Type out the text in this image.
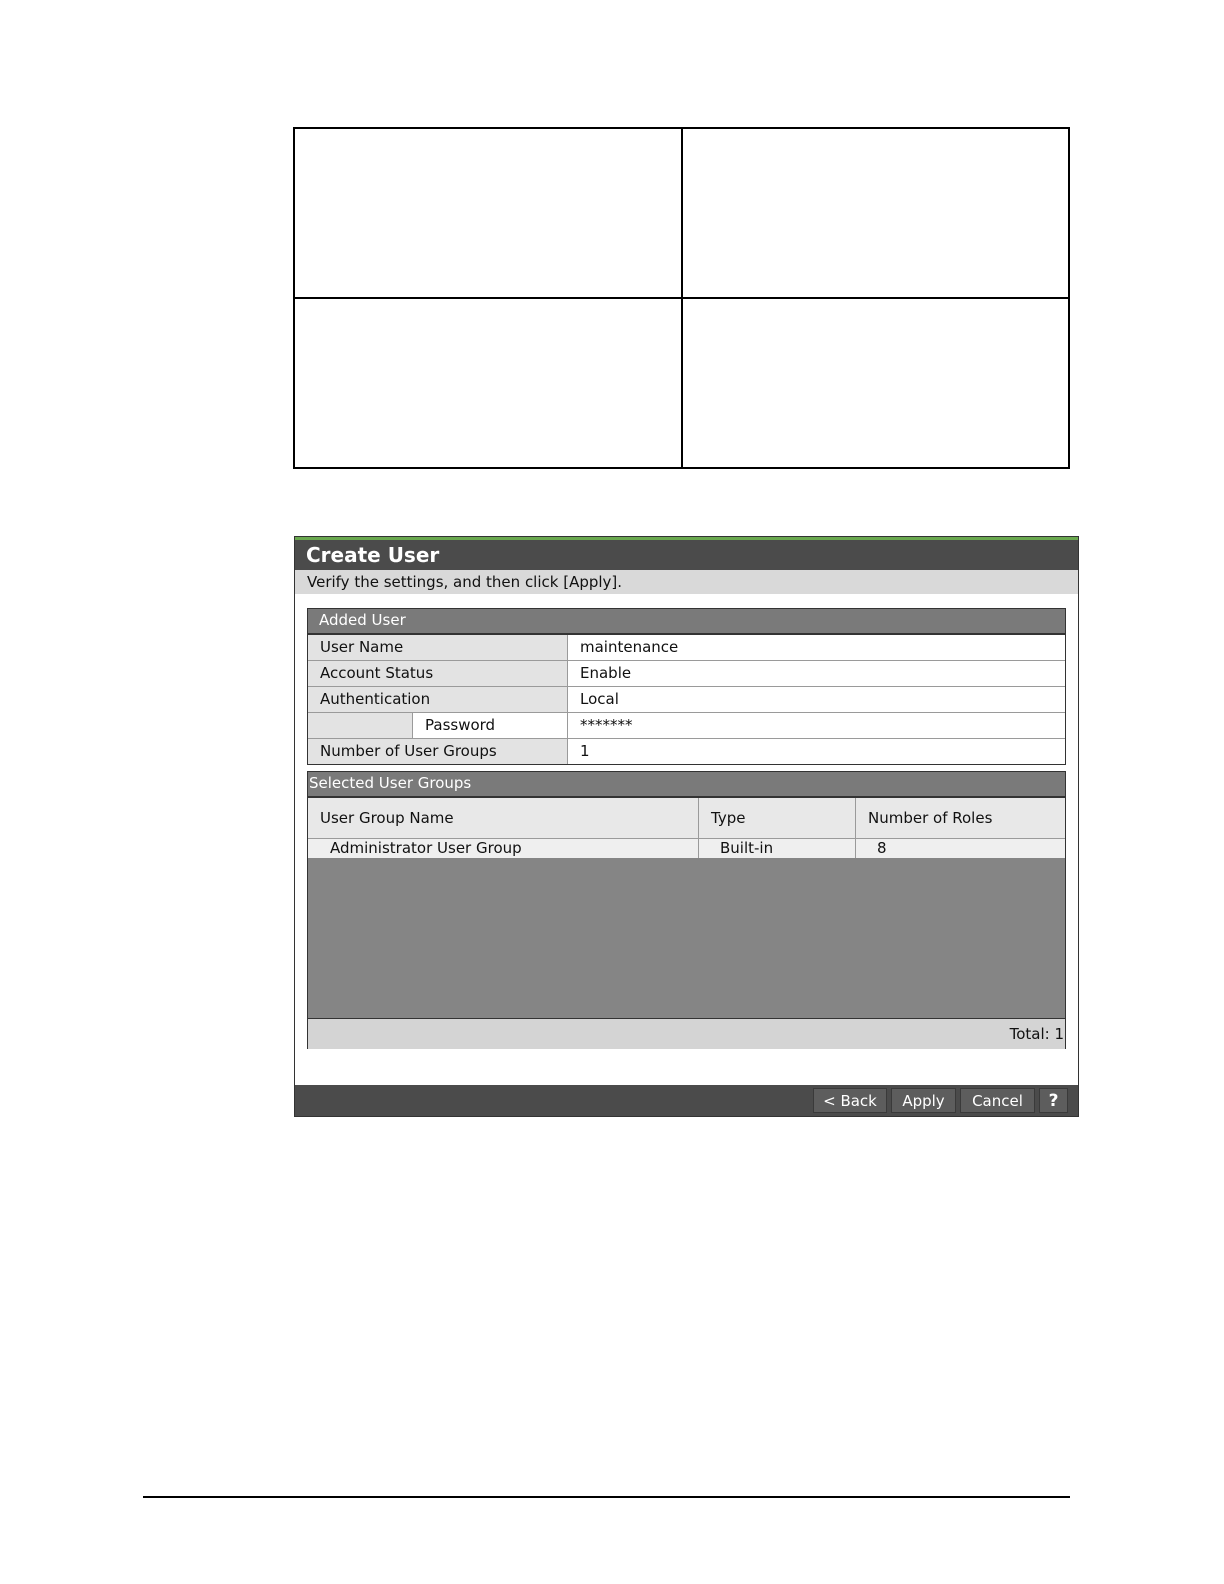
Create User
Verify the settings, and then click [Apply].
Added User
User Name	maintenance
Account Status	Enable
Authentication	Local
Password	*******
Number of User Groups	1
Selected User Groups
User Group Name	Type	Number of Roles
Administrator User Group	Built-in	8
Total: 1
< Back	Apply	Cancel	?
